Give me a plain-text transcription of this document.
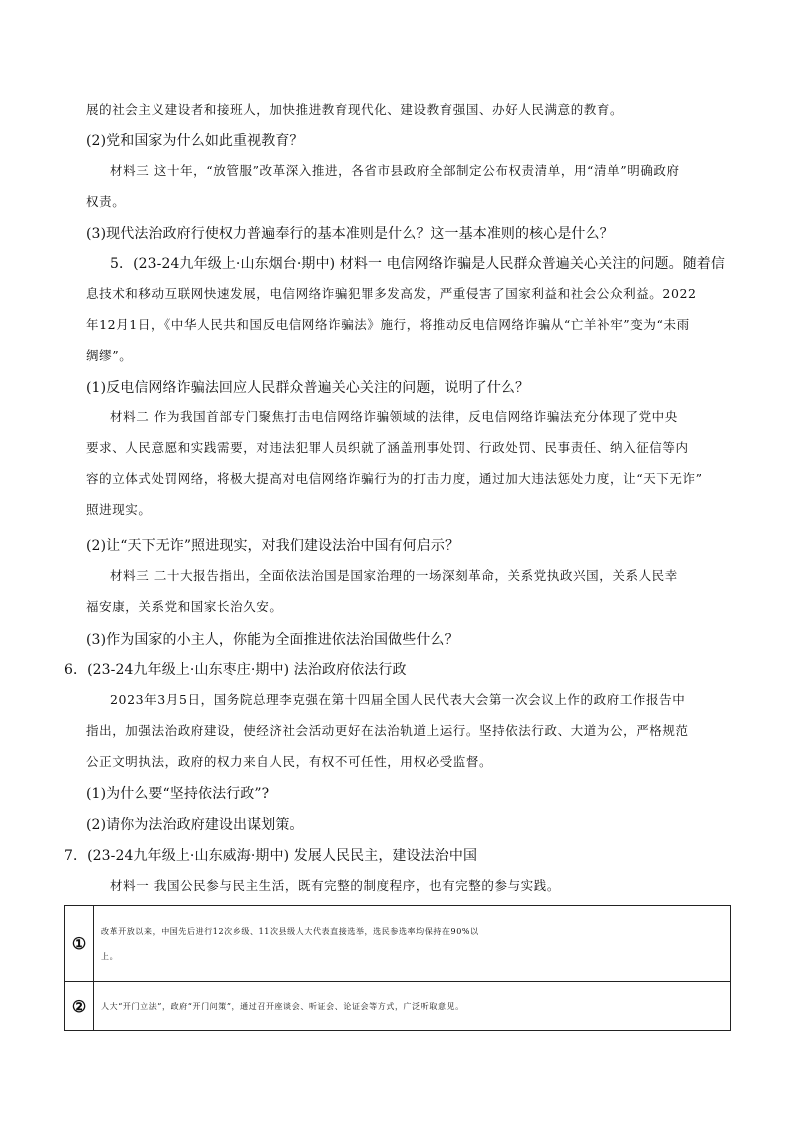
展的社会主义建设者和接班人，加快推进教育现代化、建设教育强国、办好人民满意的教育。
(2)党和国家为什么如此重视教育？
材料三 这十年，“放管服”改革深入推进，各省市县政府全部制定公布权责清单，用“清单”明确政府
权责。
(3)现代法治政府行使权力普遍奉行的基本准则是什么？这一基本准则的核心是什么？
5．(23-24九年级上·山东烟台·期中) 材料一 电信网络诈骗是人民群众普遍关心关注的问题。随着信
息技术和移动互联网快速发展，电信网络诈骗犯罪多发高发，严重侵害了国家利益和社会公众利益。2022
年12月1日，《中华人民共和国反电信网络诈骗法》施行，将推动反电信网络诈骗从“亡羊补牢”变为“未雨
绸缪”。
(1)反电信网络诈骗法回应人民群众普遍关心关注的问题，说明了什么？
材料二 作为我国首部专门聚焦打击电信网络诈骗领域的法律，反电信网络诈骗法充分体现了党中央
要求、人民意愿和实践需要，对违法犯罪人员织就了涵盖刑事处罚、行政处罚、民事责任、纳入征信等内
容的立体式处罚网络，将极大提高对电信网络诈骗行为的打击力度，通过加大违法惩处力度，让“天下无诈”
照进现实。
(2)让“天下无诈”照进现实，对我们建设法治中国有何启示？
材料三 二十大报告指出，全面依法治国是国家治理的一场深刻革命，关系党执政兴国，关系人民幸
福安康，关系党和国家长治久安。
(3)作为国家的小主人，你能为全面推进依法治国做些什么？
6．(23-24九年级上·山东枣庄·期中) 法治政府依法行政
2023年3月5日，国务院总理李克强在第十四届全国人民代表大会第一次会议上作的政府工作报告中
指出，加强法治政府建设，使经济社会活动更好在法治轨道上运行。坚持依法行政、大道为公，严格规范
公正文明执法，政府的权力来自人民，有权不可任性，用权必受监督。
(1)为什么要“坚持依法行政”?
(2)请你为法治政府建设出谋划策。
7．(23-24九年级上·山东威海·期中) 发展人民民主，建设法治中国
材料一 我国公民参与民主生活，既有完整的制度程序，也有完整的参与实践。
①	改革开放以来，中国先后进行12次乡级、11次县级人大代表直接选举，选民参选率均保持在90%以
上。

②	人大“开门立法”，政府“开门问策”，通过召开座谈会、听证会、论证会等方式，广泛听取意见。
